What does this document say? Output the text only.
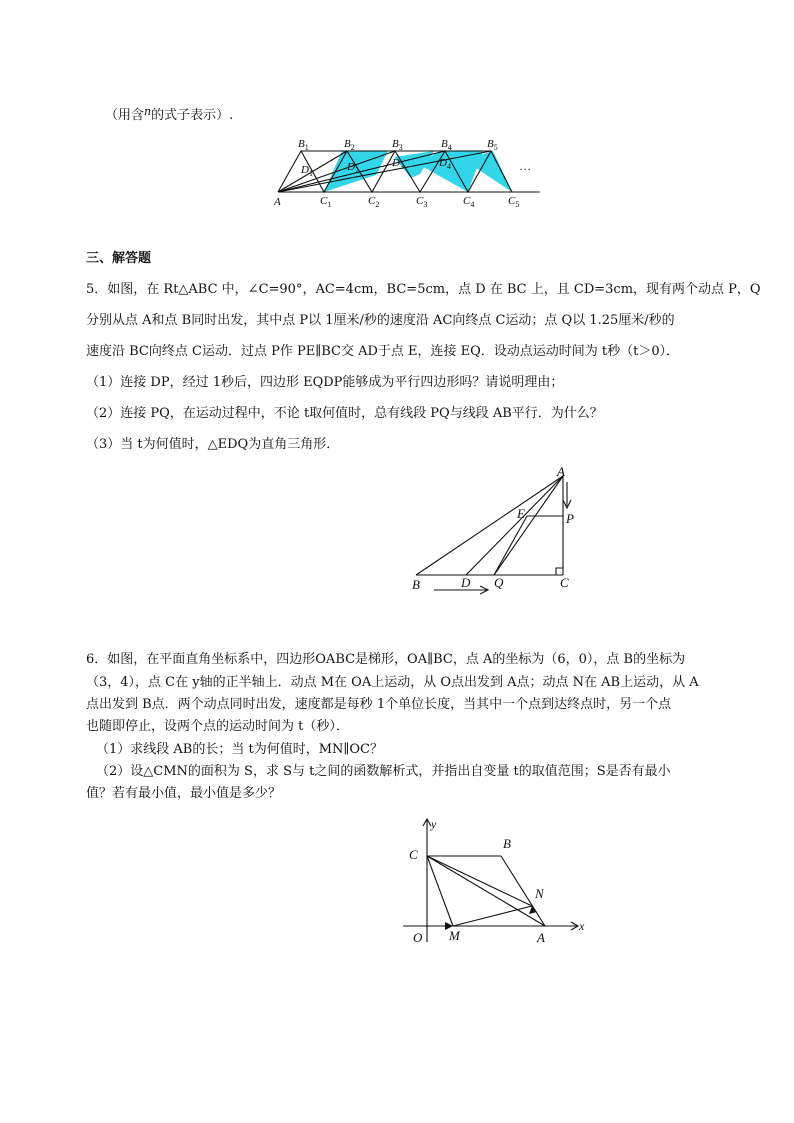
（用含$^n$的式子表示）.
A
$B_1$	$B_2$	$B_3$	$B_4$	$B_5$
$C_1$	$C_2$	$C_3$	$C_4$	$C_5$
$D_1$
$D_2$
$D_3$	$D_4$	…
三、解答题
5．如图，在 Rt△ABC 中，∠C=90°，AC=4cm，BC=5cm，点 D 在 BC 上，且 CD=3cm，现有两个动点 P，Q
分别从点 A和点 B同时出发，其中点 P以 1厘米/秒的速度沿 AC向终点 C运动；点 Q以 1.25厘米/秒的
速度沿 BC向终点 C运动．过点 P作 PE∥BC交 AD于点 E，连接 EQ．设动点运动时间为 t秒（t＞0）．
（1）连接 DP，经过 1秒后，四边形 EQDP能够成为平行四边形吗？请说明理由；
（2）连接 PQ，在运动过程中，不论 t取何值时，总有线段 PQ与线段 AB平行．为什么？
（3）当 t为何值时，△EDQ为直角三角形．
A
E	P
B	D Q	C
6．如图，在平面直角坐标系中，四边形OABC是梯形，OA∥BC，点 A的坐标为（6，0），点 B的坐标为
（3，4），点 C在 y轴的正半轴上．动点 M在 OA上运动，从 O点出发到 A点；动点 N在 AB上运动，从 A
点出发到 B点．两个动点同时出发，速度都是每秒 1个单位长度，当其中一个点到达终点时，另一个点
也随即停止，设两个点的运动时间为 t（秒）．
（1）求线段 AB的长；当 t为何值时，MN∥OC？
（2）设△CMN的面积为 S，求 S与 t之间的函数解析式，并指出自变量 t的取值范围；S是否有最小
值？若有最小值，最小值是多少？
y
x
C
B
N
O M	A
